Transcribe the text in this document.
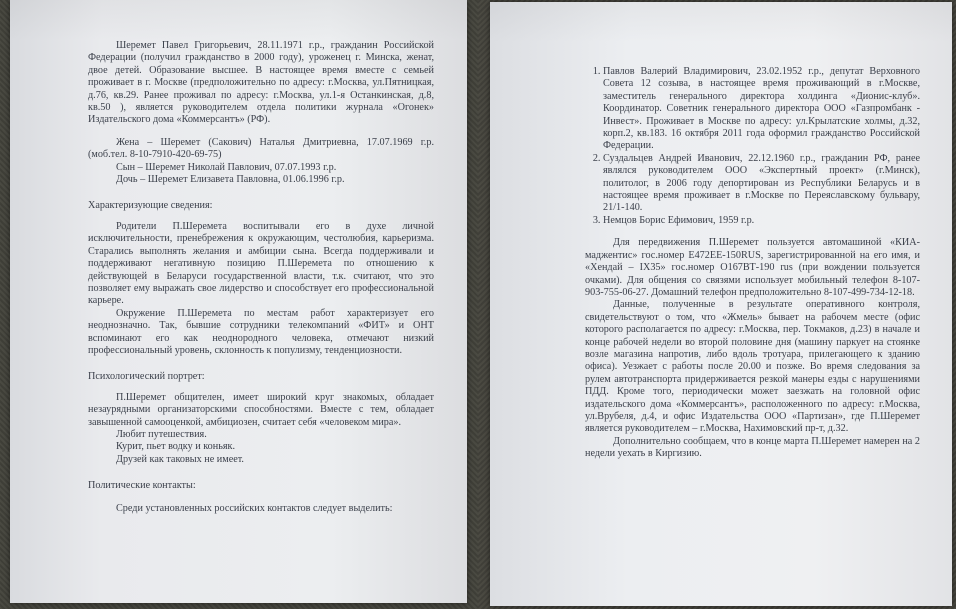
Шеремет Павел Григорьевич, 28.11.1971 г.р., гражданин Российской Федерации (получил гражданство в 2000 году), уроженец г. Минска, женат, двое детей. Образование высшее. В настоящее время вместе с семьей проживает в г. Москве (предположительно по адресу: г.Москва, ул.Пятницкая, д.76, кв.29. Ранее проживал по адресу: г.Москва, ул.1-я Останкинская, д.8, кв.50 ), является руководителем отдела политики журнала «Огонек» Издательского дома «Коммерсантъ» (РФ).

Жена – Шеремет (Сакович) Наталья Дмитриевна, 17.07.1969 г.р. (моб.тел. 8-10-7910-420-69-75)

Сын – Шеремет Николай Павлович, 07.07.1993 г.р.

Дочь – Шеремет Елизавета Павловна, 01.06.1996 г.р.

Характеризующие сведения:

Родители П.Шеремета воспитывали его в духе личной исключительности, пренебрежения к окружающим, честолюбия, карьеризма. Старались выполнять желания и амбиции сына. Всегда поддерживали и поддерживают негативную позицию П.Шеремета по отношению к действующей в Беларуси государственной власти, т.к. считают, что это позволяет ему выражать свое лидерство и способствует его профессиональной карьере.

Окружение П.Шеремета по местам работ характеризует его неоднозначно. Так, бывшие сотрудники телекомпаний «ФИТ» и ОНТ вспоминают его как неоднородного человека, отмечают низкий профессиональный уровень, склонность к популизму, тенденциозности.

Психологический портрет:

П.Шеремет общителен, имеет широкий круг знакомых, обладает незаурядными организаторскими способностями. Вместе с тем, обладает завышенной самооценкой, амбициозен, считает себя «человеком мира».

Любит путешествия.

Курит, пьет водку и коньяк.

Друзей как таковых не имеет.

Политические контакты:

Среди установленных российских контактов следует выделить:

1. Павлов Валерий Владимирович, 23.02.1952 г.р., депутат Верховного Совета 12 созыва, в настоящее время проживающий в г.Москве, заместитель генерального директора холдинга «Дионис-клуб». Координатор. Советник генерального директора ООО «Газпромбанк - Инвест». Проживает в Москве по адресу: ул.Крылатские холмы, д.32, корп.2, кв.183. 16 октября 2011 года оформил гражданство Российской Федерации.
2. Суздальцев Андрей Иванович, 22.12.1960 г.р., гражданин РФ, ранее являлся руководителем ООО «Экспертный проект» (г.Минск), политолог, в 2006 году депортирован из Республики Беларусь и в настоящее время проживает в г.Москве по Переяславскому бульвару, 21/1-140.
3. Немцов Борис Ефимович, 1959 г.р.

Для передвижения П.Шеремет пользуется автомашиной «КИА-маджентис» гос.номер Е472ЕЕ-150RUS, зарегистрированной на его имя, и «Хендай – IX35» гос.номер О167ВТ-190 rus (при вождении пользуется очками). Для общения со связями использует мобильный телефон 8-107-903-755-06-27. Домашний телефон предположительно 8-107-499-734-12-18.

Данные, полученные в результате оперативного контроля, свидетельствуют о том, что «Жмель» бывает на рабочем месте (офис которого располагается по адресу: г.Москва, пер. Токмаков, д.23) в начале и конце рабочей недели во второй половине дня (машину паркует на стоянке возле магазина напротив, либо вдоль тротуара, прилегающего к зданию офиса). Уезжает с работы после 20.00 и позже. Во время следования за рулем автотранспорта придерживается резкой манеры езды с нарушениями ПДД. Кроме того, периодически может заезжать на головной офис издательского дома «Коммерсантъ», расположенного по адресу: г.Москва, ул.Врубеля, д.4, и офис Издательства ООО «Партизан», где П.Шеремет является руководителем – г.Москва, Нахимовский пр-т, д.32.

Дополнительно сообщаем, что в конце марта П.Шеремет намерен на 2 недели уехать в Киргизию.
